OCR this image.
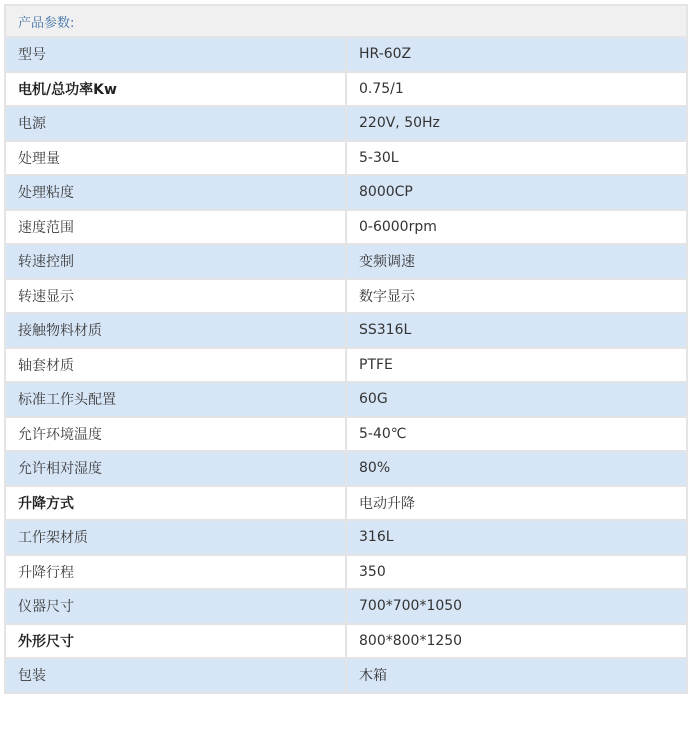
产品参数:	
型号	HR-60Z
电机/总功率Kw	0.75/1
电源	220V, 50Hz
处理量	5-30L
处理粘度	8000CP
速度范围	0-6000rpm
转速控制	变频调速
转速显示	数字显示
接触物料材质	SS316L
轴套材质	PTFE
标准工作头配置	60G
允许环境温度	5-40℃
允许相对湿度	80%
升降方式	电动升降
工作架材质	316L
升降行程	350
仪器尺寸	700*700*1050
外形尺寸	800*800*1250
包装	木箱
